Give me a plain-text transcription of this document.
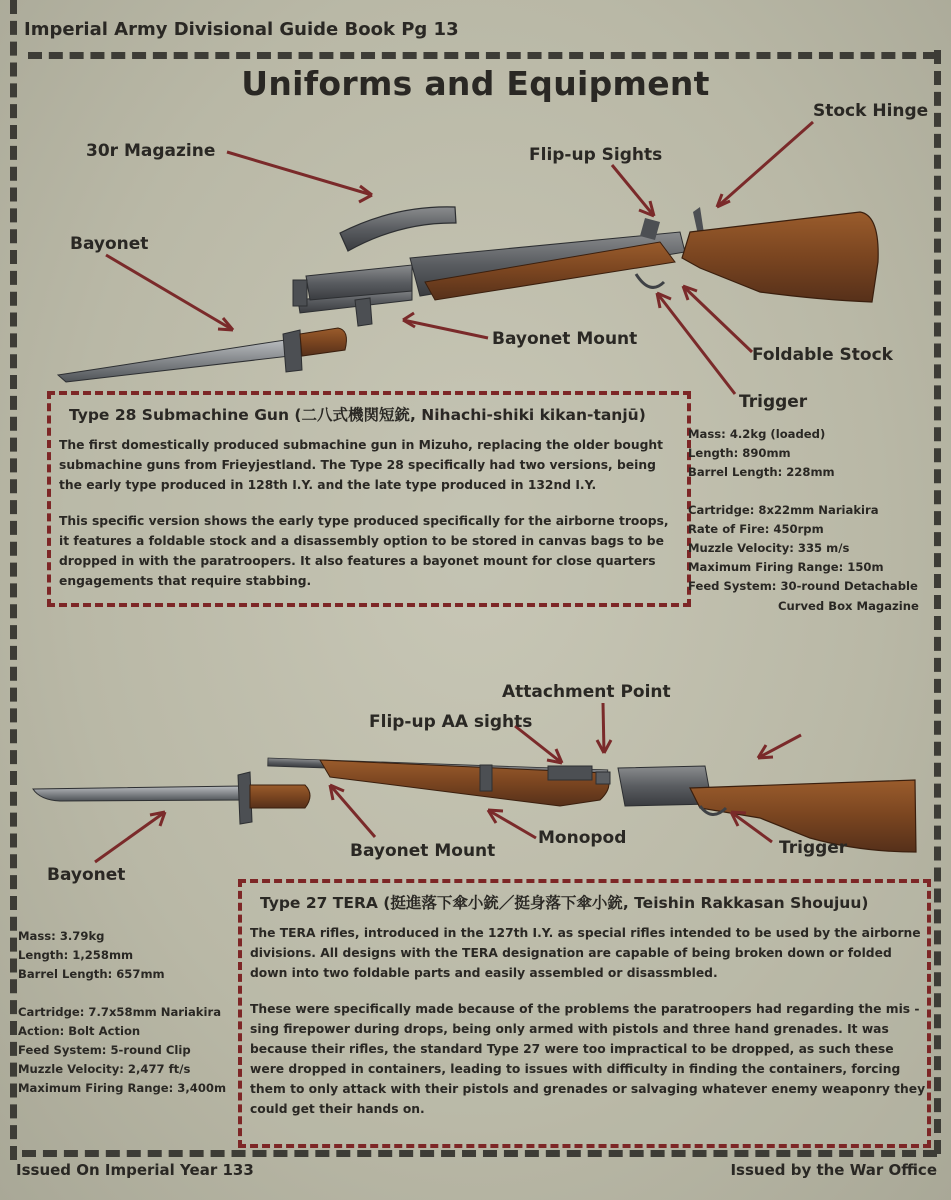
Imperial Army Divisional Guide Book Pg 13
Uniforms and Equipment
Stock Hinge
30r Magazine	Flip-up Sights
Bayonet
Bayonet Mount
Foldable Stock
Trigger
Type 28 Submachine Gun (二八式機関短銃, Nihachi-shiki kikan-tanjū)

The first domestically produced submachine gun in Mizuho, replacing the older bought submachine guns from Frieyjestland. The Type 28 specifically had two versions, being the early type produced in 128th I.Y. and the late type produced in 132nd I.Y.

This specific version shows the early type produced specifically for the airborne troops, it features a foldable stock and a disassembly option to be stored in canvas bags to be dropped in with the paratroopers. It also features a bayonet mount for close quarters engagements that require stabbing.

Mass: 4.2kg (loaded)
Length: 890mm
Barrel Length: 228mm
Cartridge: 8x22mm Nariakira
Rate of Fire: 450rpm
Muzzle Velocity: 335 m/s
Maximum Firing Range: 150m
Feed System: 30-round Detachable
Curved Box Magazine
Attachment Point
Flip-up AA sights
Monopod
Bayonet Mount	Trigger
Bayonet
Type 27 TERA (挺進落下傘小銃／挺身落下傘小銃, Teishin Rakkasan Shoujuu)

The TERA rifles, introduced in the 127th I.Y. as special rifles intended to be used by the airborne divisions. All designs with the TERA designation are capable of being broken down or folded down into two foldable parts and easily assembled or disassmbled.

These were specifically made because of the problems the paratroopers had regarding the mis -sing firepower during drops, being only armed with pistols and three hand grenades. It was because their rifles, the standard Type 27 were too impractical to be dropped, as such these were dropped in containers, leading to issues with difficulty in finding the containers, forcing them to only attack with their pistols and grenades or salvaging whatever enemy weaponry they could get their hands on.

Mass: 3.79kg
Length: 1,258mm
Barrel Length: 657mm
Cartridge: 7.7x58mm Nariakira
Action: Bolt Action
Feed System: 5-round Clip
Muzzle Velocity: 2,477 ft/s
Maximum Firing Range: 3,400m
Issued On Imperial Year 133	Issued by the War Office
